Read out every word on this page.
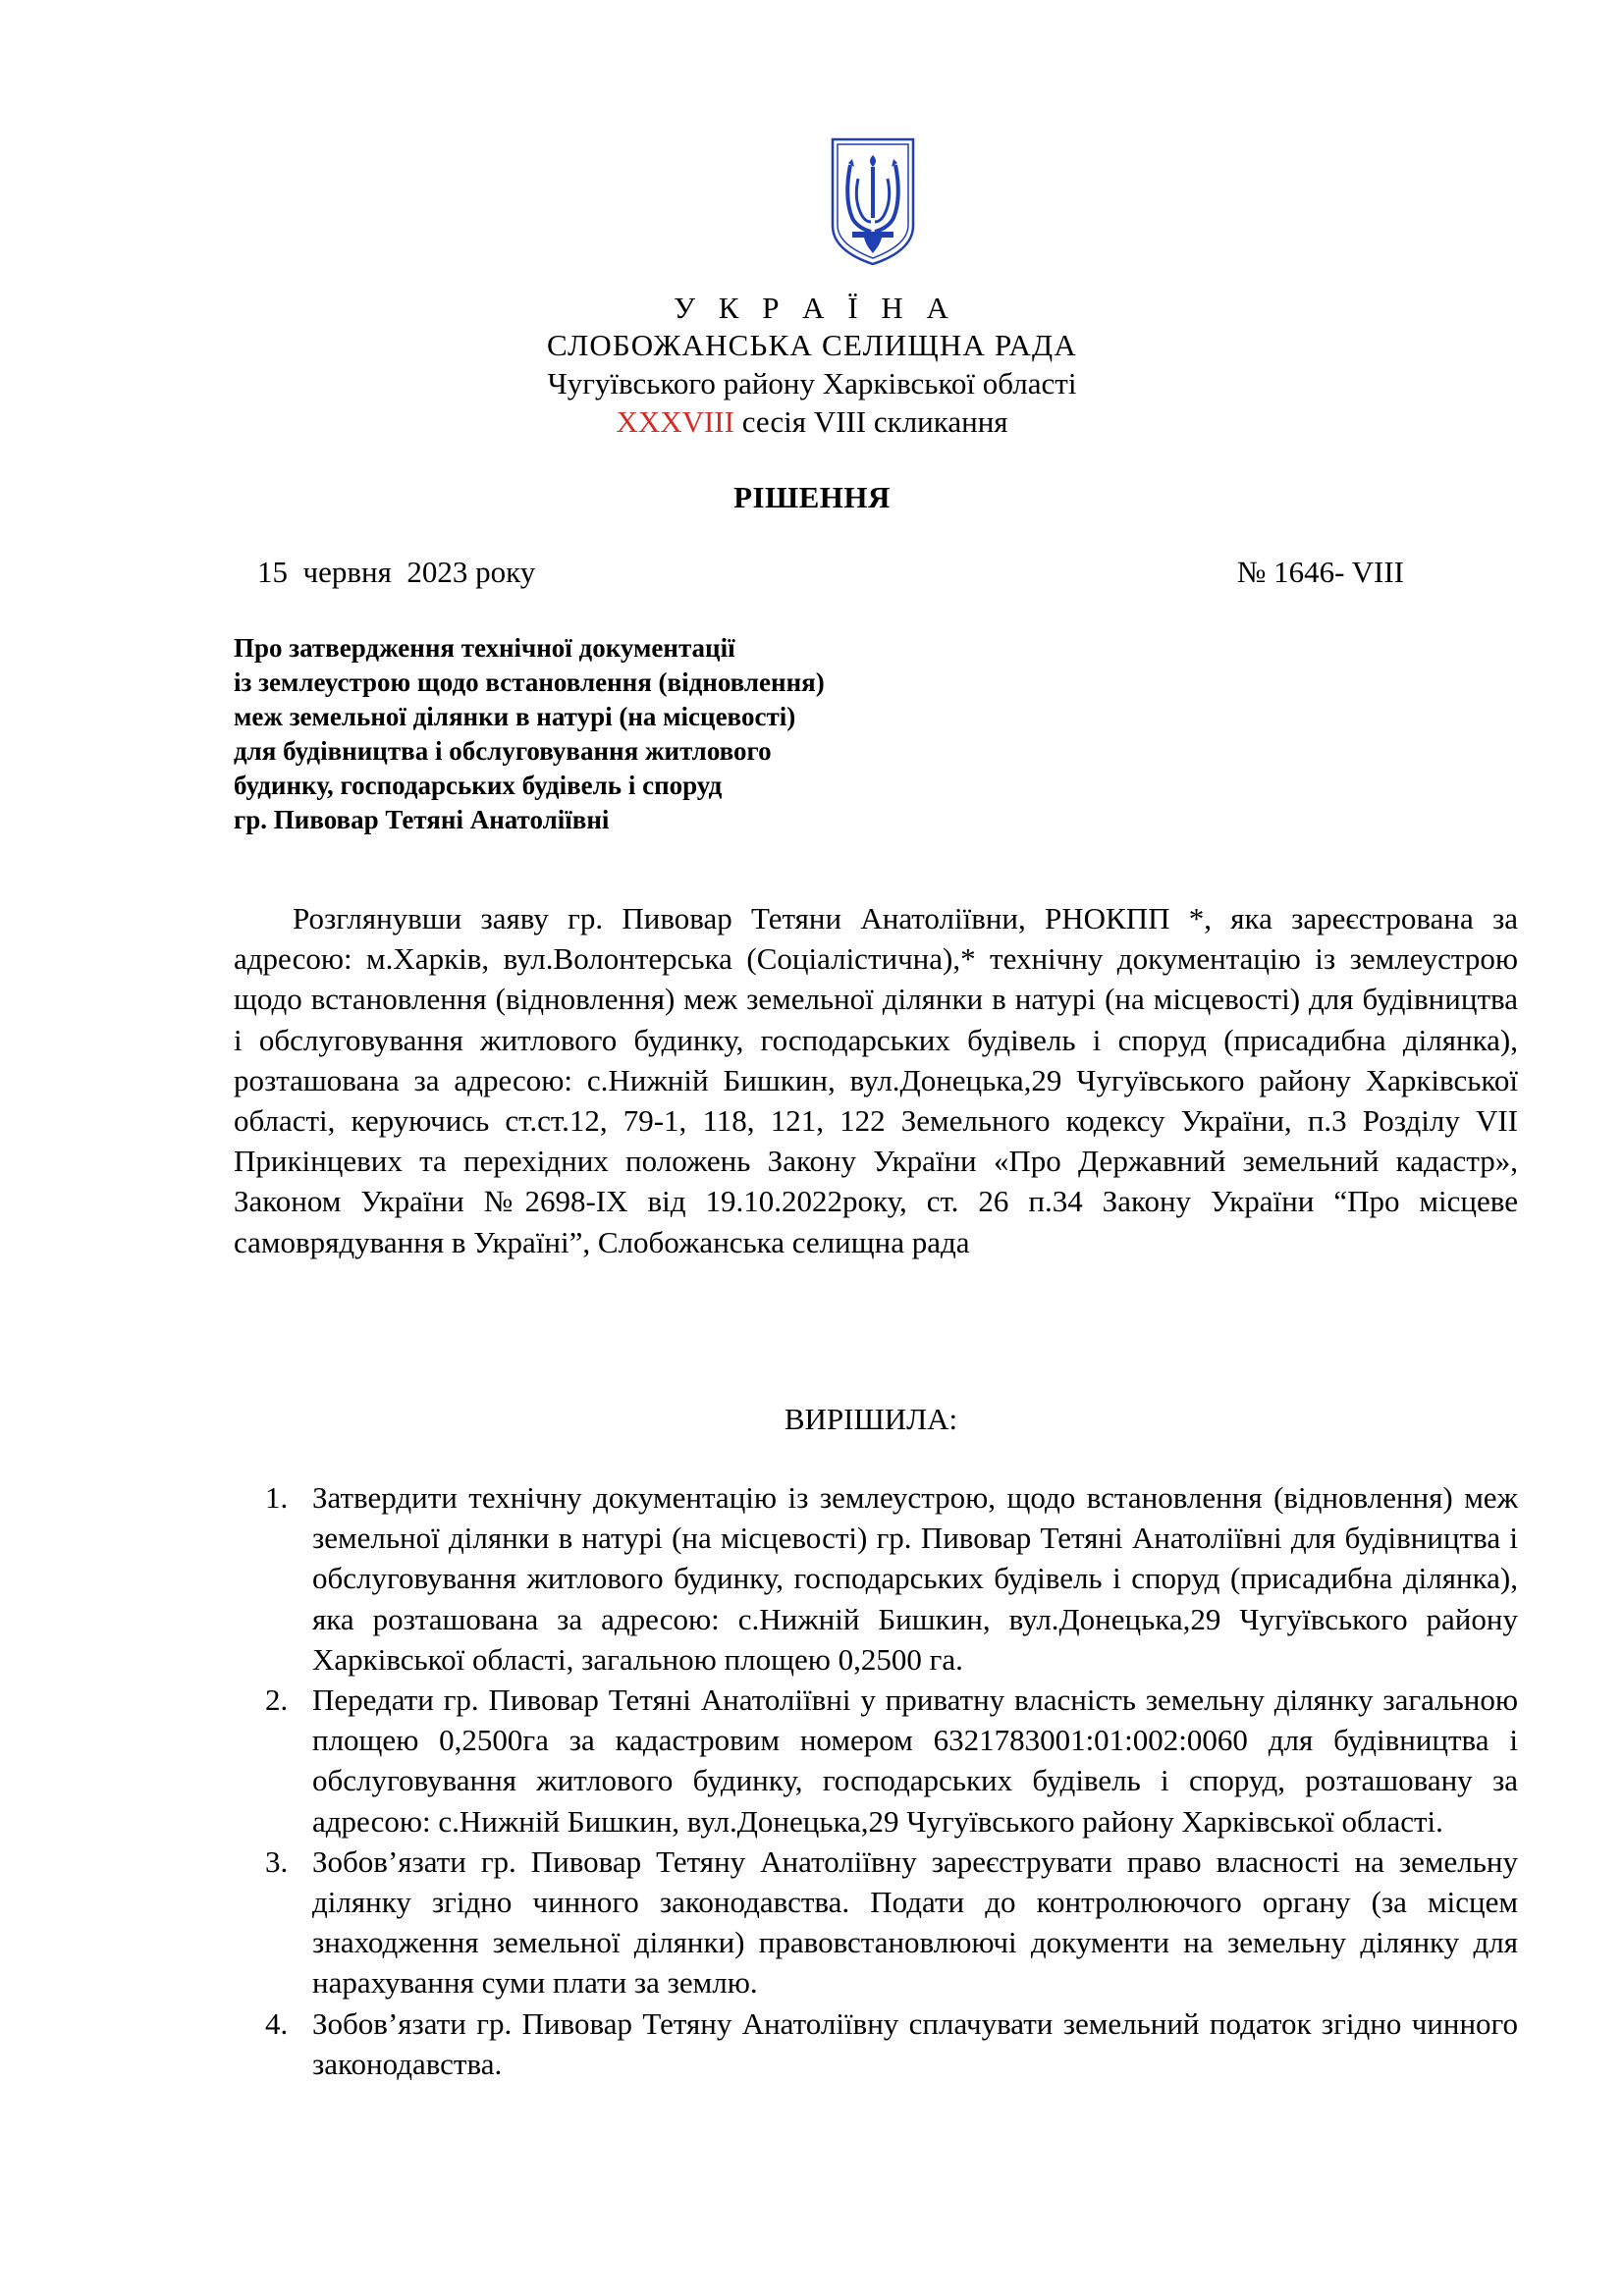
У К Р А Ї Н А
СЛОБОЖАНСЬКА СЕЛИЩНА РАДА
Чугуївського району Харківської області
XXXVIII сесія VIII скликання
РІШЕННЯ
15  червня  2023 року	№ 1646- VIII
Про затвердження технічної документації
із землеустрою щодо встановлення (відновлення)
меж земельної ділянки в натурі (на місцевості)
для будівництва і обслуговування житлового
будинку, господарських будівель і споруд
гр. Пивовар Тетяні Анатоліївні
Розглянувши заяву гр. Пивовар Тетяни Анатоліївни, РНОКПП *, яка зареєстрована за адресою: м.Харків, вул.Волонтерська (Соціалістична),* технічну документацію із землеустрою щодо встановлення (відновлення) меж земельної ділянки в натурі (на місцевості) для будівництва і обслуговування житлового будинку, господарських будівель і споруд (присадибна ділянка), розташована за адресою: с.Нижній Бишкин, вул.Донецька,29 Чугуївського району Харківської області, керуючись ст.ст.12, 79-1, 118, 121, 122 Земельного кодексу України, п.3 Розділу VII Прикінцевих та перехідних положень Закону України «Про Державний земельний кадастр», Законом України №2698-ІХ від 19.10.2022року, ст. 26 п.34 Закону України “Про місцеве самоврядування в Україні”, Слобожанська селищна рада
ВИРІШИЛА:
1. Затвердити технічну документацію із землеустрою, щодо встановлення (відновлення) меж земельної ділянки в натурі (на місцевості) гр. Пивовар Тетяні Анатоліївні для будівництва і обслуговування житлового будинку, господарських будівель і споруд (присадибна ділянка), яка розташована за адресою: с.Нижній Бишкин, вул.Донецька,29 Чугуївського району Харківської області, загальною площею 0,2500 га.
2. Передати гр. Пивовар Тетяні Анатоліївні у приватну власність земельну ділянку загальною площею 0,2500га за кадастровим номером 6321783001:01:002:0060 для будівництва і обслуговування житлового будинку, господарських будівель і споруд, розташовану за адресою: с.Нижній Бишкин, вул.Донецька,29 Чугуївського району Харківської області.
3. Зобов’язати гр. Пивовар Тетяну Анатоліївну зареєструвати право власності на земельну ділянку згідно чинного законодавства. Подати до контролюючого органу (за місцем знаходження земельної ділянки) правовстановлюючі документи на земельну ділянку для нарахування суми плати за землю.
4. Зобов’язати гр. Пивовар Тетяну Анатоліївну сплачувати земельний податок згідно чинного законодавства.
